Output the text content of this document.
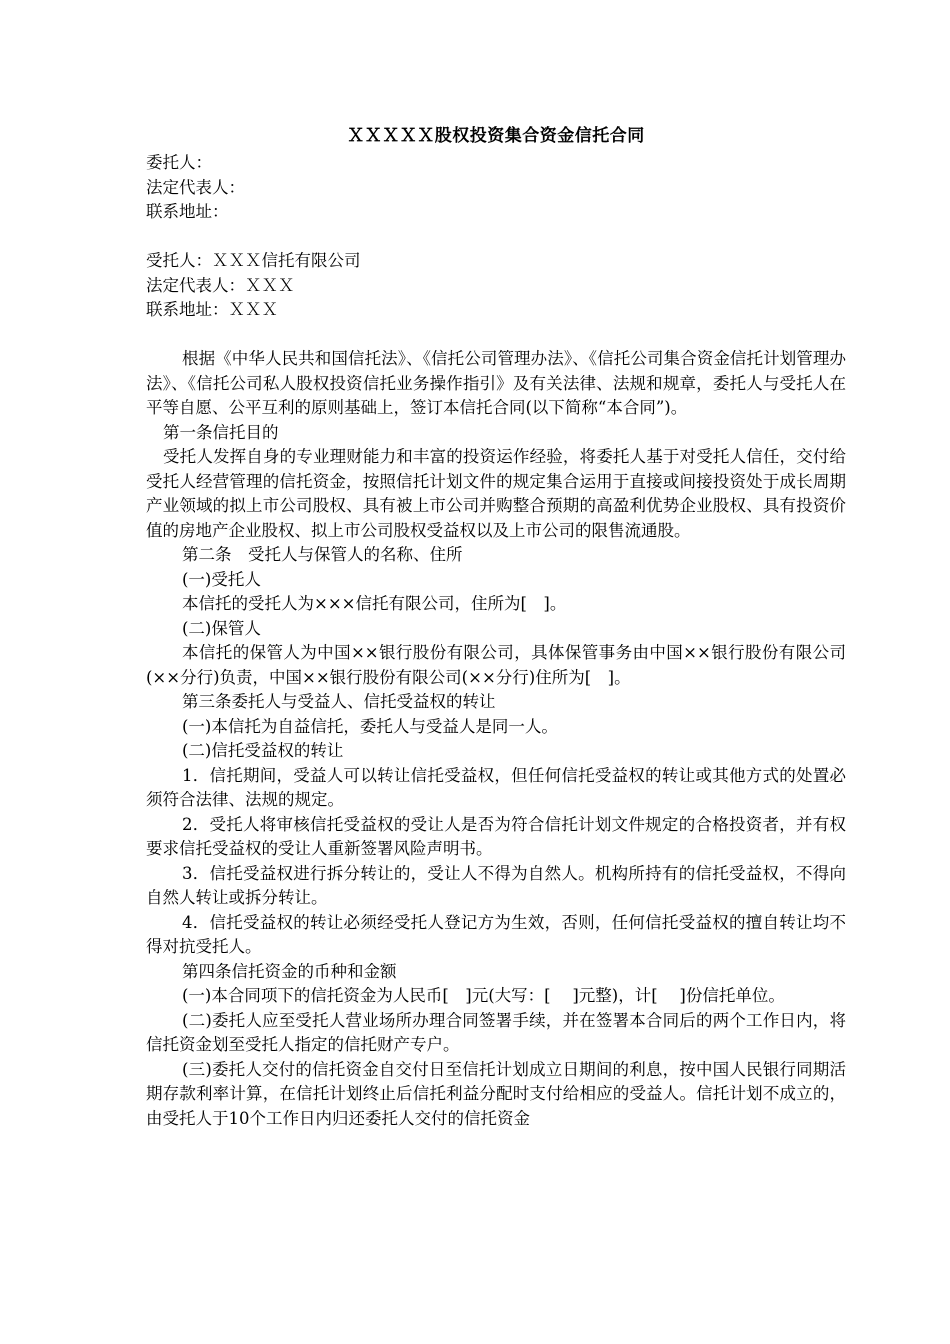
ＸＸＸＸＸ股权投资集合资金信托合同

委托人：

法定代表人：

联系地址：

受托人：ＸＸＸ信托有限公司

法定代表人：ＸＸＸ

联系地址：ＸＸＸ

根据《中华人民共和国信托法》、《信托公司管理办法》、《信托公司集合资金信托计划管理办法》、《信托公司私人股权投资信托业务操作指引》及有关法律、法规和规章，委托人与受托人在平等自愿、公平互利的原则基础上，签订本信托合同(以下简称“本合同”)。

第一条信托目的

受托人发挥自身的专业理财能力和丰富的投资运作经验，将委托人基于对受托人信任，交付给受托人经营管理的信托资金，按照信托计划文件的规定集合运用于直接或间接投资处于成长周期产业领域的拟上市公司股权、具有被上市公司并购整合预期的高盈利优势企业股权、具有投资价值的房地产企业股权、拟上市公司股权受益权以及上市公司的限售流通股。

第二条　受托人与保管人的名称、住所

(一)受托人

本信托的受托人为×××信托有限公司，住所为[　]。

(二)保管人

本信托的保管人为中国××银行股份有限公司，具体保管事务由中国××银行股份有限公司(××分行)负责，中国××银行股份有限公司(××分行)住所为[　]。

第三条委托人与受益人、信托受益权的转让

(一)本信托为自益信托，委托人与受益人是同一人。

(二)信托受益权的转让

1．信托期间，受益人可以转让信托受益权，但任何信托受益权的转让或其他方式的处置必须符合法律、法规的规定。

2．受托人将审核信托受益权的受让人是否为符合信托计划文件规定的合格投资者，并有权要求信托受益权的受让人重新签署风险声明书。

3．信托受益权进行拆分转让的，受让人不得为自然人。机构所持有的信托受益权，不得向自然人转让或拆分转让。

4．信托受益权的转让必须经受托人登记方为生效，否则，任何信托受益权的擅自转让均不得对抗受托人。

第四条信托资金的币种和金额

(一)本合同项下的信托资金为人民币[　]元(大写：[　 ]元整)，计[　 ]份信托单位。

(二)委托人应至受托人营业场所办理合同签署手续，并在签署本合同后的两个工作日内，将信托资金划至受托人指定的信托财产专户。

(三)委托人交付的信托资金自交付日至信托计划成立日期间的利息，按中国人民银行同期活期存款利率计算，在信托计划终止后信托利益分配时支付给相应的受益人。信托计划不成立的，由受托人于10个工作日内归还委托人交付的信托资金
